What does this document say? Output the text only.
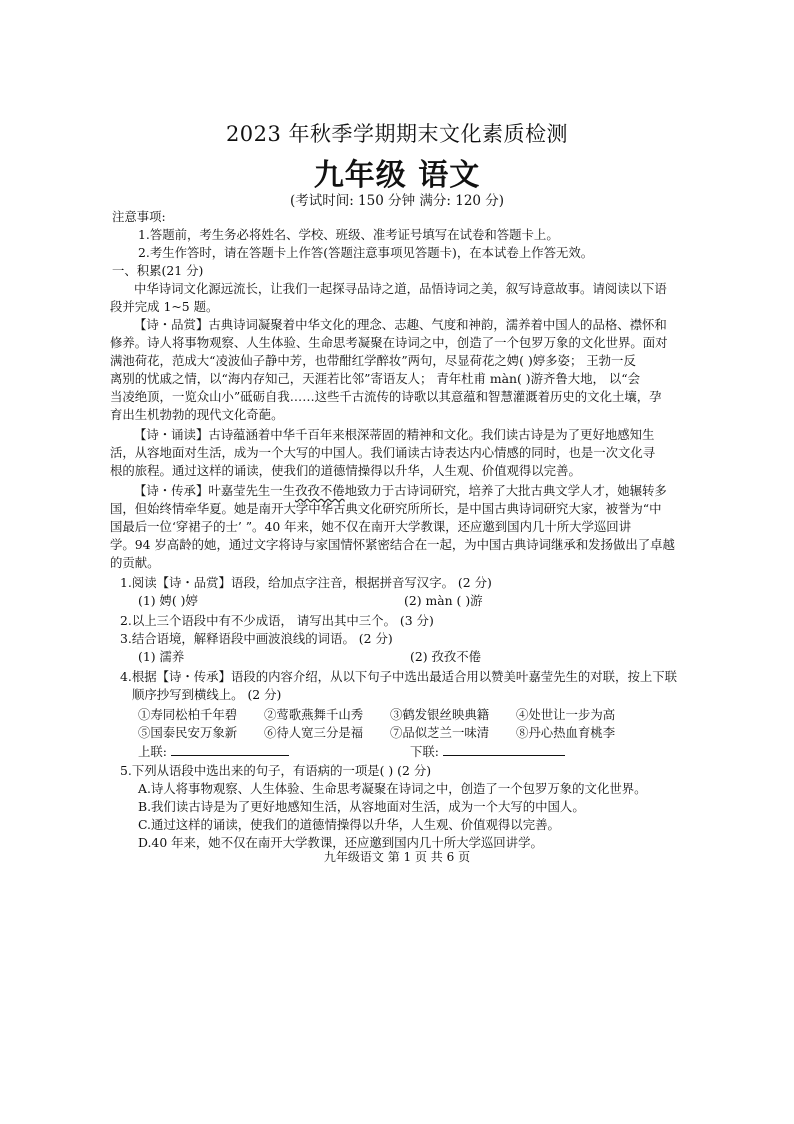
2023 年秋季学期期末文化素质检测
九年级 语文
(考试时间: 150 分钟 满分: 120 分)
注意事项:
1.答题前，考生务必将姓名、学校、班级、准考证号填写在试卷和答题卡上。
2.考生作答时，请在答题卡上作答(答题注意事项见答题卡)，在本试卷上作答无效。
一、积累(21 分)
中华诗词文化源远流长，让我们一起探寻品诗之道，品悟诗词之美，叙写诗意故事。请阅读以下语
段并完成 1~5 题。
【诗・品赏】古典诗词凝聚着中华文化的理念、志趣、气度和神韵，濡养着中国人的品格、襟怀和
修养。诗人将事物观察、人生体验、生命思考凝聚在诗词之中，创造了一个包罗万象的文化世界。面对
满池荷花，范成大“凌波仙子静中芳，也带酣红学醉妆”两句，尽显荷花之娉( )婷多姿； 王勃一反
离别的忧戚之情，以“海内存知己，天涯若比邻”寄语友人； 青年杜甫 màn( )游齐鲁大地， 以“会
当凌绝顶，一览众山小”砥砺自我……这些千古流传的诗歌以其意蕴和智慧灌溉着历史的文化土壤，孕
育出生机勃勃的现代文化奇葩。
【诗・诵读】古诗蕴涵着中华千百年来根深蒂固的精神和文化。我们读古诗是为了更好地感知生
活，从容地面对生活，成为一个大写的中国人。我们诵读古诗表达内心情感的同时，也是一次文化寻
根的旅程。通过这样的诵读，使我们的道德情操得以升华，人生观、价值观得以完善。
【诗・传承】叶嘉莹先生一生孜孜不倦地致力于古诗词研究，培养了大批古典文学人才，她辗转多
国，但始终情牵华夏。她是南开大学中华古典文化研究所所长，是中国古典诗词研究大家，被誉为“中
国最后一位‘穿裙子的士’ ”。40 年来，她不仅在南开大学教课，还应邀到国内几十所大学巡回讲
学。94 岁高龄的她，通过文字将诗与家国情怀紧密结合在一起，为中国古典诗词继承和发扬做出了卓越
的贡献。
1.阅读【诗・品赏】语段，给加点字注音，根据拼音写汉字。 (2 分)
(1) 娉( )婷	(2) màn ( )游
2.以上三个语段中有不少成语， 请写出其中三个。 (3 分)
3.结合语境，解释语段中画波浪线的词语。 (2 分)
(1) 濡养	(2) 孜孜不倦
4.根据【诗・传承】语段的内容介绍，从以下句子中选出最适合用以赞美叶嘉莹先生的对联，按上下联
顺序抄写到横线上。 (2 分)
①寿同松柏千年碧 ②莺歌燕舞千山秀 ③鹤发银丝映典籍 ④处世让一步为高
⑤国泰民安万象新 ⑥待人宽三分是福 ⑦品似芝兰一味清 ⑧丹心热血育桃李
上联:	下联:
5.下列从语段中选出来的句子，有语病的一项是( ) (2 分)
A.诗人将事物观察、人生体验、生命思考凝聚在诗词之中，创造了一个包罗万象的文化世界。
B.我们读古诗是为了更好地感知生活，从容地面对生活，成为一个大写的中国人。
C.通过这样的诵读，使我们的道德情操得以升华，人生观、价值观得以完善。
D.40 年来，她不仅在南开大学教课，还应邀到国内几十所大学巡回讲学。
九年级语文 第 1 页 共 6 页
